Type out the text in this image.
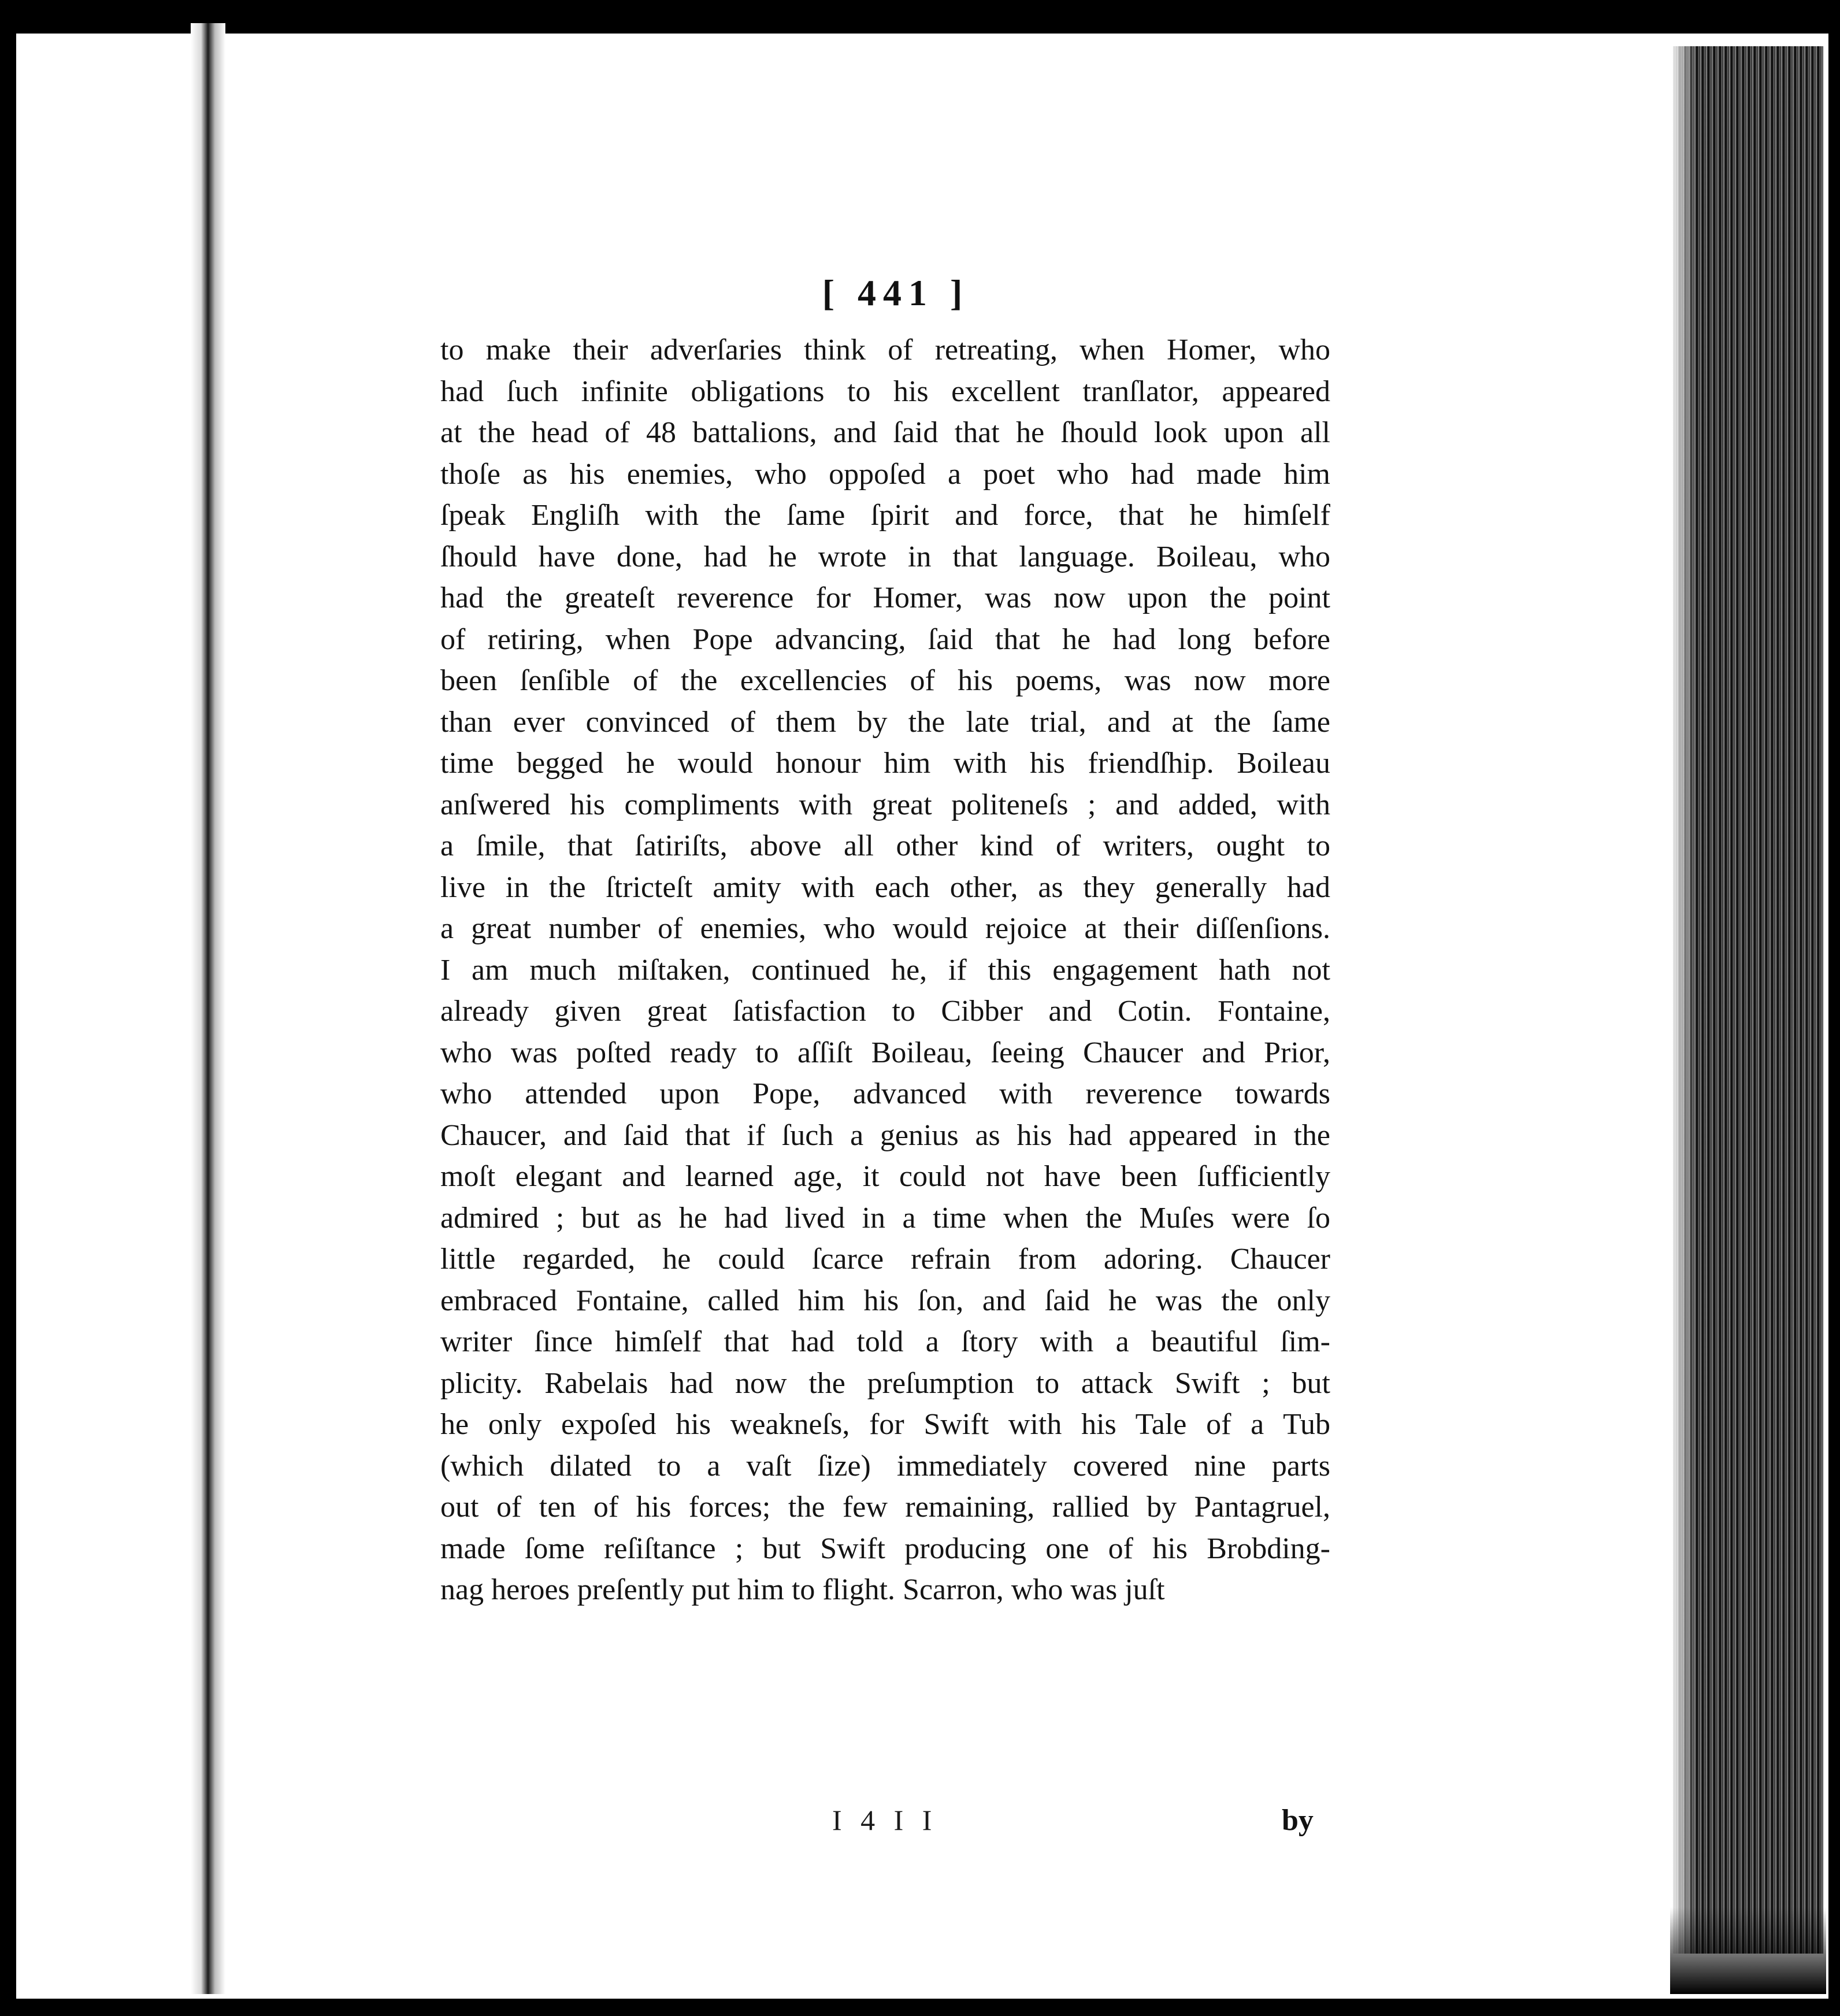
[ 441 ]
to make their adverſaries think of retreating, when Homer, who
had ſuch infinite obligations to his excellent tranſlator, appeared
at the head of 48 battalions, and ſaid that he ſhould look upon all
thoſe as his enemies, who oppoſed a poet who had made him
ſpeak Engliſh with the ſame ſpirit and force, that he himſelf
ſhould have done, had he wrote in that language. Boileau, who
had the greateſt reverence for Homer, was now upon the point
of retiring, when Pope advancing, ſaid that he had long before
been ſenſible of the excellencies of his poems, was now more
than ever convinced of them by the late trial, and at the ſame
time begged he would honour him with his friendſhip. Boileau
anſwered his compliments with great politeneſs ; and added, with
a ſmile, that ſatiriſts, above all other kind of writers, ought to
live in the ſtricteſt amity with each other, as they generally had
a great number of enemies, who would rejoice at their diſſenſions.
I am much miſtaken, continued he, if this engagement hath not
already given great ſatisfaction to Cibber and Cotin. Fontaine,
who was poſted ready to aſſiſt Boileau, ſeeing Chaucer and Prior,
who attended upon Pope, advanced with reverence towards
Chaucer, and ſaid that if ſuch a genius as his had appeared in the
moſt elegant and learned age, it could not have been ſufficiently
admired ; but as he had lived in a time when the Muſes were ſo
little regarded, he could ſcarce refrain from adoring. Chaucer
embraced Fontaine, called him his ſon, and ſaid he was the only
writer ſince himſelf that had told a ſtory with a beautiful ſim-
plicity. Rabelais had now the preſumption to attack Swift ; but
he only expoſed his weakneſs, for Swift with his Tale of a Tub
(which dilated to a vaſt ſize) immediately covered nine parts
out of ten of his forces; the few remaining, rallied by Pantagruel,
made ſome reſiſtance ; but Swift producing one of his Brobding-
nag heroes preſently put him to flight. Scarron, who was juſt
I 4 I I	by
